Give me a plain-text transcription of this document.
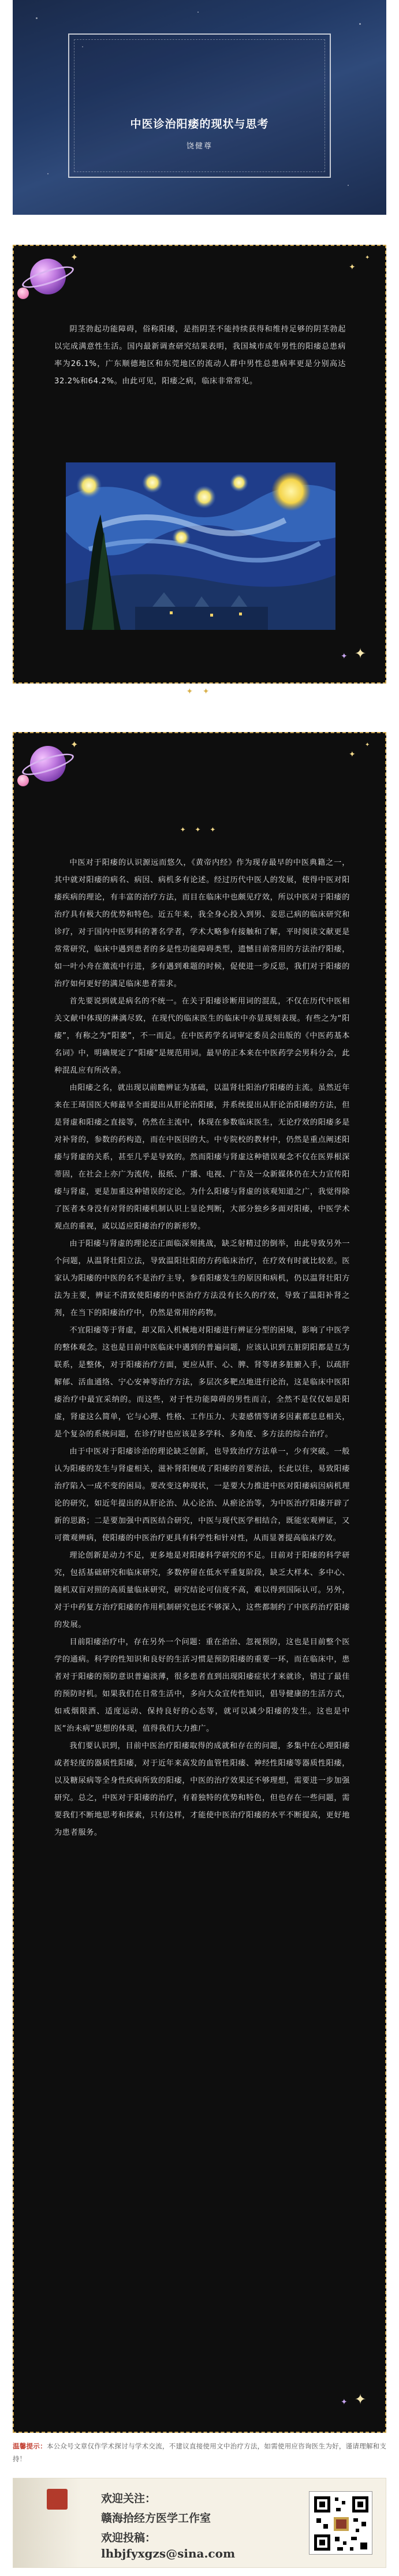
中医诊治阳痿的现状与思考
饶健尊
✦
✦
✦

阴茎勃起功能障碍，俗称阳痿，是指阴茎不能持续获得和维持足够的阴茎勃起以完成满意性生活。国内最新调查研究结果表明，我国城市成年男性的阳痿总患病率为26.1%，广东顺德地区和东莞地区的流动人群中男性总患病率更是分别高达32.2%和64.2%。由此可见，阳痿之病，临床非常常见。

✦ ✦
✦ ✦
✦
✦
✦
✦ ✦ ✦

中医对于阳痿的认识源远而悠久，《黄帝内经》作为现存最早的中医典籍之一，其中就对阳痿的病名、病因、病机多有论述。经过历代中医人的发展，使得中医对阳痿疾病的理论，有丰富的治疗方法，而目在临床中也颇见疗效，所以中医对于阳痿的治疗具有极大的优势和特色。近五年来，我全身心投入到男、妾思己病的临床研究和诊疗，对于国内中医男科的著名学者，学术大略参有接触和了解，平时阅读文献更是常常研究，临床中遇到患者的多是性功能障碍类型，遗憾目前常用的方法治疗阳痿，如一叶小舟在激流中行进，多有遇到难题的时候，促使进一步反思，我们对于阳痿的治疗如何更好的满足临床患者需求。

首先要说到就是病名的不统一。在关于阳痿诊断用词的混乱，不仅在历代中医相关文献中体现的淋漓尽致，在现代的临床医生的临床中亦显现刻表现。有些之为“阳痿”，有称之为“阳萎”，不一而足。在中医药学名词审定委员会出版的《中医药基本名词》中，明确规定了“阳痿”是规范用词。最早的正本来在中医药学会男科分会，此种混乱应有所改善。

由阳痿之名，就出现以前瞻辨证为基础，以温肾壮阳治疗阳痿的主流。虽然近年来在王琦国医大师最早全面提出从肝论治阳痿，并系统提出从肝论治阳痿的方法，但是肾虚和阳痿之直接等，仍然在主流中，体现在参数临床医生，无论疗效的阳痿多是对补肾的，参数的药构造，而在中医因的大。中专院校的教材中，仍然是重点阐述阳痿与肾虚的关系，甚至几乎是导致的。然而阳痿与肾虚这种错误观念不仅在医界根深蒂固，在社会上亦广为流传，报纸、广播、电视、广告及一众新媒体仍在大力宣传阳痿与肾虚，更是加重这种错误的定论。为什么阳痿与肾虚的该观知道之广，我觉得除了医者本身没有对肾的阳痿机制认识上显论判断，大部分独乡多面对阳痿，中医学术观点的重视，或以适应阳痿治疗的新形势。

由于阳痿与肾虚的理论还正面临深刻挑战，缺乏射精过的倒举，由此导致另外一个问题，从温肾壮阳立法，导致温阳壮阳的方药临床治疗，在疗效有时就比较差。医家认为阳痿的中医的名不是治疗主导，参看阳痿发生的原因和病机，仍以温肾壮阳方法为主要，辨证不清致使阳痿的中医治疗方法没有长久的疗效，导致了温阳补肾之剂，在当下的阳痿治疗中，仍然是常用的药物。

不宜阳痿等于肾虚，却又陷入机械地对阳痿进行辨证分型的困境，影响了中医学的整体观念。这也是目前中医临床中遇到的普遍问题，应该认识到五脏阴阳都是互为联系，是整体，对于阳痿治疗方面，更应从肝、心、脾、肾等诸多脏腑入手，以疏肝解郁、活血通络、宁心安神等治疗方法，多层次多靶点地进行论治，这是临床中医阳痿治疗中最宜采纳的。而这些，对于性功能障碍的男性而言，全然不是仅仅如是阳虚，肾虚这么简单，它与心理、性格、工作压力、夫妻感情等诸多因素都息息相关，是个复杂的系统问题，在诊疗时也应该是多学科、多角度、多方法的综合治疗。

由于中医对于阳痿诊治的理论缺乏创新，也导致治疗方法单一，少有突破。一般认为阳痿的发生与肾虚相关，滋补肾阳便成了阳痿的首要治法，长此以往，易致阳痿治疗陷入一成不变的困局。要改变这种现状，一是要大力推进中医对阳痿病因病机理论的研究，如近年提出的从肝论治、从心论治、从瘀论治等，为中医治疗阳痿开辟了新的思路；二是要加强中西医结合研究，中医与现代医学相结合，既能宏观辨证，又可微观辨病，使阳痿的中医治疗更具有科学性和针对性，从而显著提高临床疗效。

理论创新是动力不足，更多地是对阳痿科学研究的不足。目前对于阳痿的科学研究，包括基础研究和临床研究，多数停留在低水平重复阶段，缺乏大样本、多中心、随机双盲对照的高质量临床研究，研究结论可信度不高，难以得到国际认可。另外，对于中药复方治疗阳痿的作用机制研究也还不够深入，这些都制约了中医药治疗阳痿的发展。

目前阳痿治疗中，存在另外一个问题：重在治治、忽视预防，这也是目前整个医学的通病。科学的性知识和良好的生活习惯是预防阳痿的重要一环，而在临床中，患者对于阳痿的预防意识普遍淡薄，很多患者直到出现阳痿症状才来就诊，错过了最佳的预防时机。如果我们在日常生活中，多向大众宣传性知识，倡导健康的生活方式，如戒烟限酒、适度运动、保持良好的心态等，就可以减少阳痿的发生。这也是中医“治未病”思想的体现，值得我们大力推广。

我们要认识到，目前中医治疗阳痿取得的成就和存在的问题，多集中在心理阳痿或者轻度的器质性阳痿，对于近年来高发的血管性阳痿、神经性阳痿等器质性阳痿，以及糖尿病等全身性疾病所致的阳痿，中医的治疗效果还不够理想，需要进一步加强研究。总之，中医对于阳痿的治疗，有着独特的优势和特色，但也存在一些问题，需要我们不断地思考和探索，只有这样，才能使中医治疗阳痿的水平不断提高，更好地为患者服务。

✦ ✦

温馨提示：本公众号文章仅作学术探讨与学术交流，不建议直接使用文中治疗方法，如需使用应咨询医生为好，谨请理解和支持！

欢迎关注：
赣海拾经方医学工作室
欢迎投稿：
lhbjfyxgzs@sina.com
